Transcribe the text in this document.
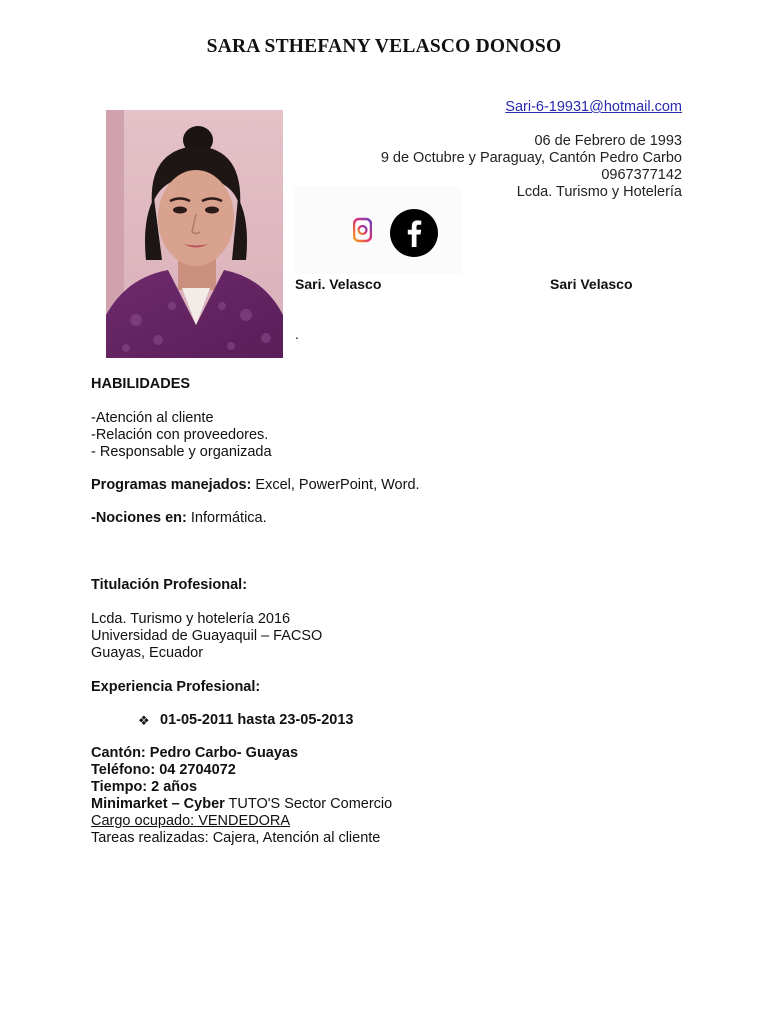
SARA STHEFANY VELASCO DONOSO
Sari-6-19931@hotmail.com
06 de Febrero de 1993
9 de Octubre y Paraguay, Cantón Pedro Carbo
0967377142
Lcda. Turismo y Hotelería
Sari. Velasco	Sari Velasco
.
HABILIDADES
-Atención al cliente
-Relación con proveedores.
- Responsable y organizada
Programas manejados: Excel, PowerPoint, Word.
-Nociones en: Informática.
Titulación Profesional:
Lcda. Turismo y hotelería 2016
Universidad de Guayaquil – FACSO
Guayas, Ecuador
Experiencia Profesional:
❖ 01-05-2011 hasta 23-05-2013
Cantón: Pedro Carbo- Guayas
Teléfono: 04 2704072
Tiempo: 2 años
Minimarket – Cyber TUTO'S Sector Comercio
Cargo ocupado: VENDEDORA
Tareas realizadas: Cajera, Atención al cliente
